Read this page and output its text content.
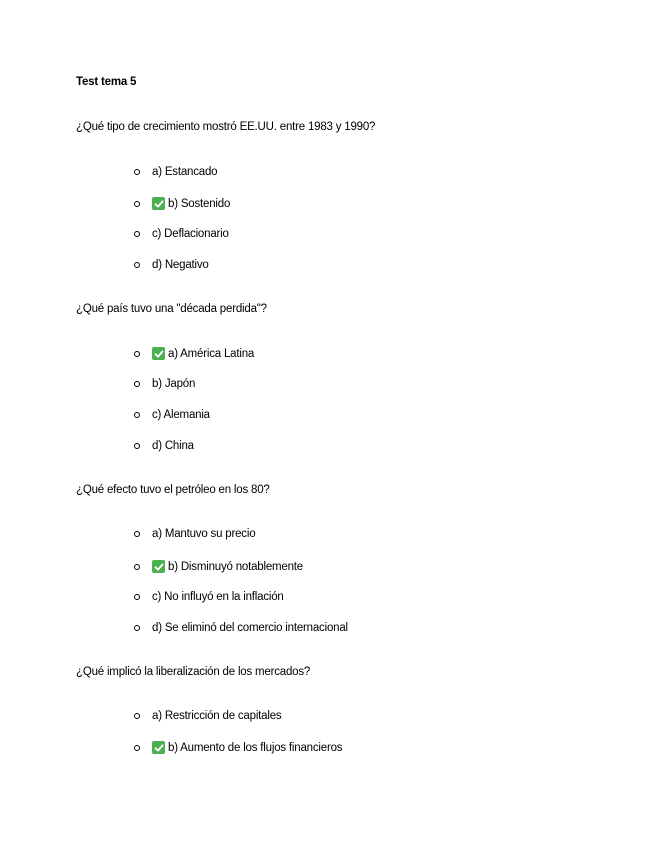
Test tema 5

¿Qué tipo de crecimiento mostró EE.UU. entre 1983 y 1990?

a) Estancado
b) Sostenido
c) Deflacionario
d) Negativo

¿Qué país tuvo una "década perdida"?

a) América Latina
b) Japón
c) Alemania
d) China

¿Qué efecto tuvo el petróleo en los 80?

a) Mantuvo su precio
b) Disminuyó notablemente
c) No influyó en la inflación
d) Se eliminó del comercio internacional

¿Qué implicó la liberalización de los mercados?

a) Restricción de capitales
b) Aumento de los flujos financieros
